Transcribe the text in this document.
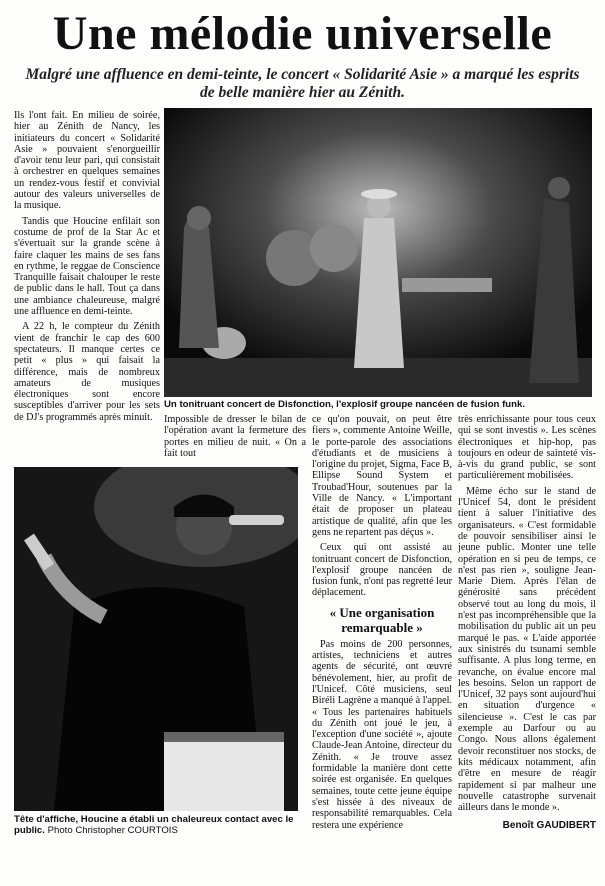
Une mélodie universelle
Malgré une affluence en demi-teinte, le concert « Solidarité Asie » a marqué les esprits de belle manière hier au Zénith.

Ils l'ont fait. En milieu de soirée, hier au Zénith de Nancy, les initiateurs du concert « Solidarité Asie » pouvaient s'enorgueillir d'avoir tenu leur pari, qui consistait à orchestrer en quelques semaines un rendez-vous festif et convivial autour des valeurs universelles de la musique.

Tandis que Houcine enfilait son costume de prof de la Star Ac et s'évertuait sur la grande scène à faire claquer les mains de ses fans en rythme, le reggae de Conscience Tranquille faisait chalouper le reste de public dans le hall. Tout ça dans une ambiance chaleureuse, malgré une affluence en demi-teinte.

A 22 h, le compteur du Zénith vient de franchir le cap des 600 spectateurs. Il manque certes ce petit « plus » qui faisait la différence, mais de nombreux amateurs de musiques électroniques sont encore susceptibles d'arriver pour les sets de DJ's programmés après minuit.

Un tonitruant concert de Disfonction, l'explosif groupe nancéen de fusion funk.

Impossible de dresser le bilan de l'opération avant la fermeture des portes en milieu de nuit. « On a fait tout

Tête d'affiche, Houcine a établi un chaleureux contact avec le public. Photo Christopher COURTOIS

ce qu'on pouvait, on peut être fiers », commente Antoine Weille, le porte-parole des associations d'étudiants et de musiciens à l'origine du projet, Sigma, Face B, Ellipse Sound System et Troubad'Hour, soutenues par la Ville de Nancy. « L'important était de proposer un plateau artistique de qualité, afin que les gens ne repartent pas déçus ».

Ceux qui ont assisté au tonitruant concert de Disfonction, l'explosif groupe nancéen de fusion funk, n'ont pas regretté leur déplacement.

« Une organisation remarquable »

Pas moins de 200 personnes, artistes, techniciens et autres agents de sécurité, ont œuvré bénévolement, hier, au profit de l'Unicef. Côté musiciens, seul Biréli Lagrène a manqué à l'appel. « Tous les partenaires habituels du Zénith ont joué le jeu, à l'exception d'une société », ajoute Claude-Jean Antoine, directeur du Zénith. « Je trouve assez formidable la manière dont cette soirée est organisée. En quelques semaines, toute cette jeune équipe s'est hissée à des niveaux de responsabilité remarquables. Cela restera une expérience

très enrichissante pour tous ceux qui se sont investis ». Les scènes électroniques et hip-hop, pas toujours en odeur de sainteté vis-à-vis du grand public, se sont particulièrement mobilisées.

Même écho sur le stand de l'Unicef 54, dont le président tient à saluer l'initiative des organisateurs. « C'est formidable de pouvoir sensibiliser ainsi le jeune public. Monter une telle opération en si peu de temps, ce n'est pas rien », souligne Jean-Marie Diem. Après l'élan de générosité sans précédent observé tout au long du mois, il n'est pas incompréhensible que la mobilisation du public ait un peu marqué le pas. « L'aide apportée aux sinistrés du tsunami semble suffisante. A plus long terme, en revanche, on évalue encore mal les besoins. Selon un rapport de l'Unicef, 32 pays sont aujourd'hui en situation d'urgence « silencieuse ». C'est le cas par exemple au Darfour ou au Congo. Nous allons également devoir reconstituer nos stocks, de kits médicaux notamment, afin d'être en mesure de réagir rapidement si par malheur une nouvelle catastrophe survenait ailleurs dans le monde ».

Benoît GAUDIBERT
